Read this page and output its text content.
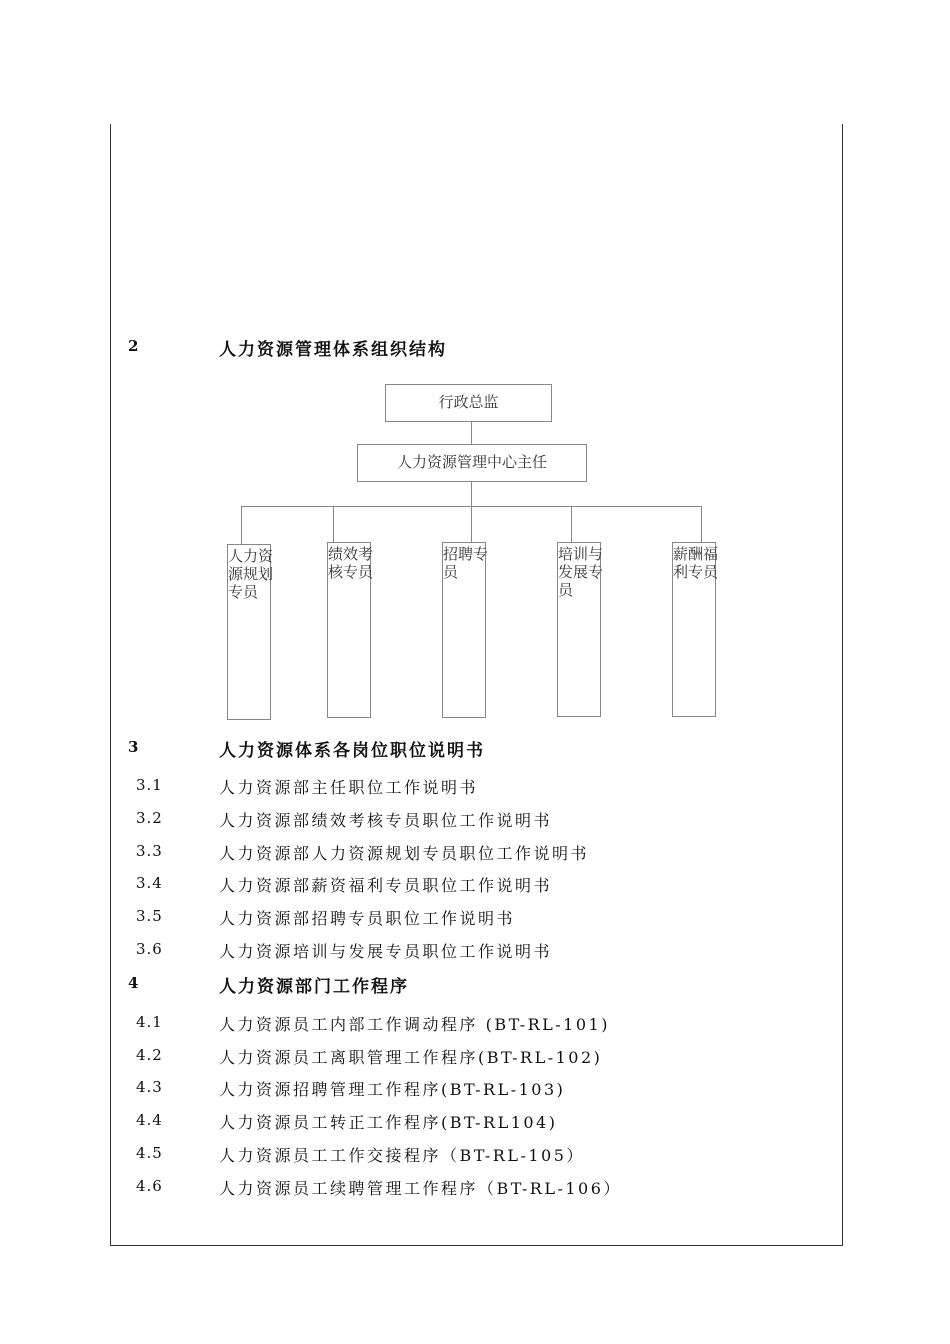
2	人力资源管理体系组织结构
行政总监
人力资源管理中心主任
人力资源规划专员
绩效考核专员
招聘专员
培训与发展专员
薪酬福利专员
3	人力资源体系各岗位职位说明书
3.1	人力资源部主任职位工作说明书
3.2	人力资源部绩效考核专员职位工作说明书
3.3	人力资源部人力资源规划专员职位工作说明书
3.4	人力资源部薪资福利专员职位工作说明书
3.5	人力资源部招聘专员职位工作说明书
3.6	人力资源培训与发展专员职位工作说明书
4	人力资源部门工作程序
4.1	人力资源员工内部工作调动程序 (BT-RL-101)
4.2	人力资源员工离职管理工作程序(BT-RL-102)
4.3	人力资源招聘管理工作程序(BT-RL-103)
4.4	人力资源员工转正工作程序(BT-RL104)
4.5	人力资源员工工作交接程序（BT-RL-105）
4.6	人力资源员工续聘管理工作程序（BT-RL-106）
